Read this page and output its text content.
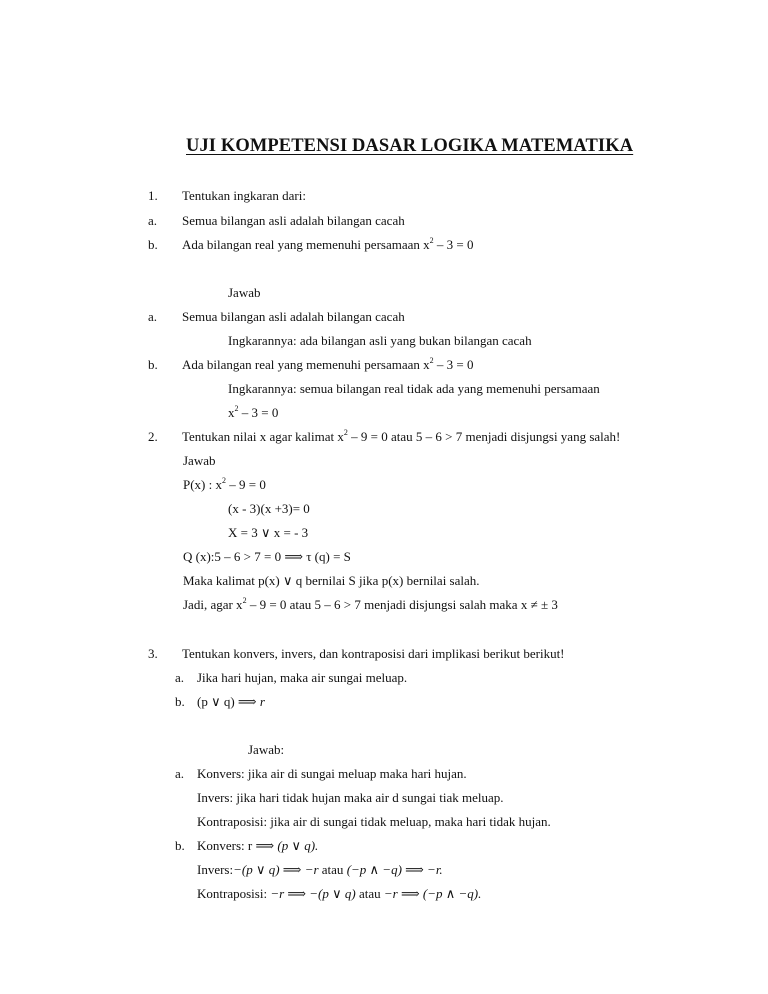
UJI KOMPETENSI DASAR LOGIKA MATEMATIKA
1. Tentukan ingkaran dari:
a. Semua bilangan asli adalah bilangan cacah
b. Ada bilangan real yang memenuhi persamaan $x^2 - 3 = 0$
Jawab
a. Semua bilangan asli adalah bilangan cacah
Ingkarannya: ada bilangan asli yang bukan bilangan cacah
b. Ada bilangan real yang memenuhi persamaan $x^2 - 3 = 0$
Ingkarannya: semua bilangan real tidak ada yang memenuhi persamaan
$x^2 - 3 = 0$
2. Tentukan nilai x agar kalimat $x^2 - 9 = 0$ atau 5 – 6 > 7 menjadi disjungsi yang salah!
Jawab
P(x) : $x^2 - 9 = 0$
(x - 3)(x +3)= 0
X = 3 ∨ x = - 3
Q (x):5 – 6 > 7 = 0 ⟹ τ (q) = S
Maka kalimat p(x) ∨ q bernilai S jika p(x) bernilai salah.
Jadi, agar $x^2 - 9 = 0$ atau 5 – 6 > 7 menjadi disjungsi salah maka x ≠ ± 3
3. Tentukan konvers, invers, dan kontraposisi dari implikasi berikut berikut!
a. Jika hari hujan, maka air sungai meluap.
b. (p ∨ q) ⟹ r
Jawab:
a. Konvers: jika air di sungai meluap maka hari hujan.
Invers: jika hari tidak hujan maka air d sungai tiak meluap.
Kontraposisi: jika air di sungai tidak meluap, maka hari tidak hujan.
b. Konvers: r ⟹ (p ∨ q).
Invers:−(p ∨ q) ⟹ −r atau (−p ∧ −q) ⟹ −r.
Kontraposisi: −r ⟹ −(p ∨ q) atau −r ⟹ (−p ∧ −q).
